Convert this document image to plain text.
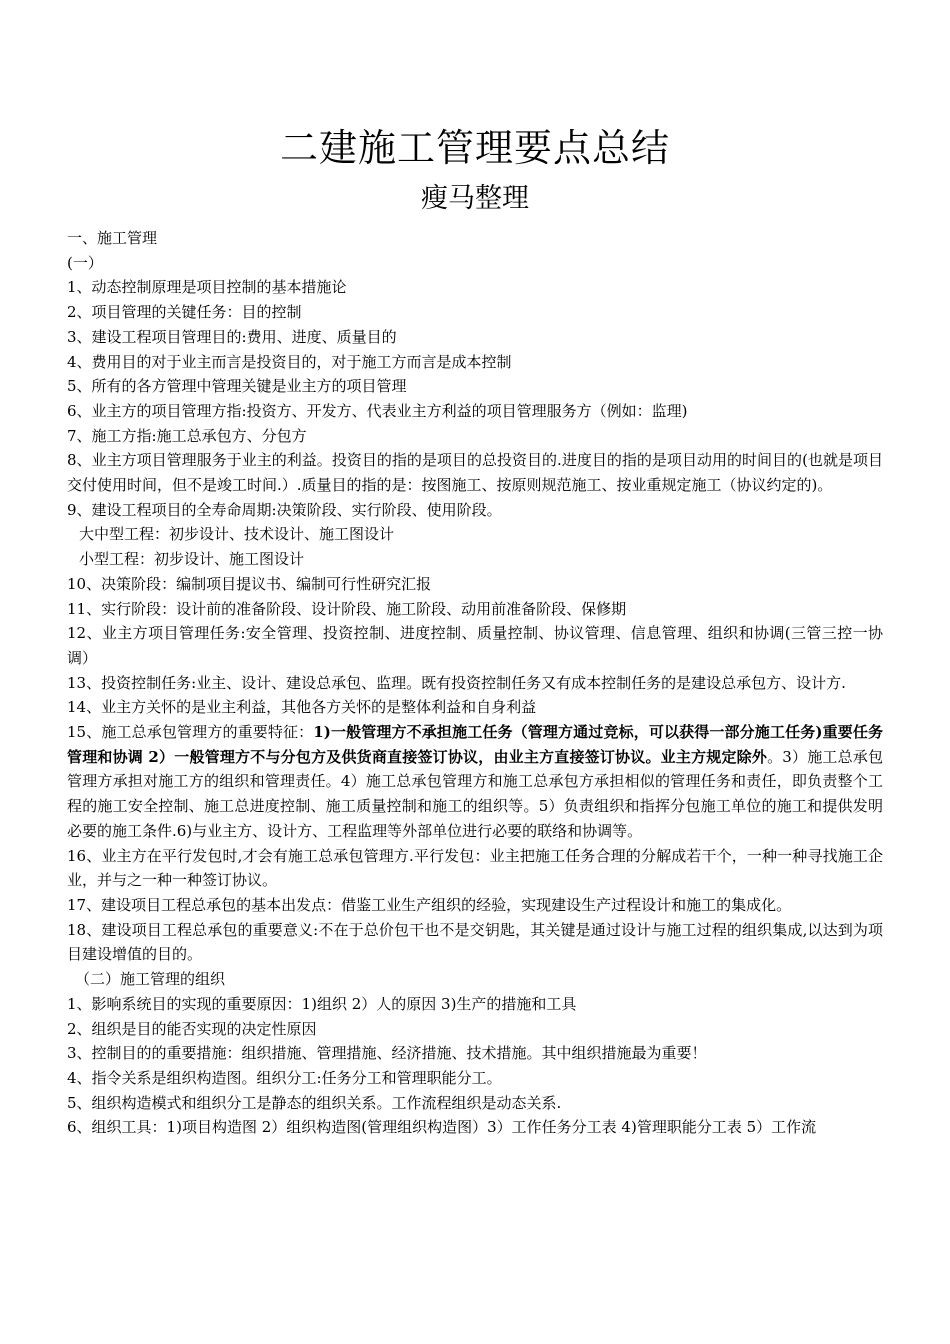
二建施工管理要点总结
瘦马整理

一、施工管理

(一）

1、动态控制原理是项目控制的基本措施论

2、项目管理的关键任务：目的控制

3、建设工程项目管理目的:费用、进度、质量目的

4、费用目的对于业主而言是投资目的，对于施工方而言是成本控制

5、所有的各方管理中管理关键是业主方的项目管理

6、业主方的项目管理方指:投资方、开发方、代表业主方利益的项目管理服务方（例如：监理)

7、施工方指:施工总承包方、分包方

8、业主方项目管理服务于业主的利益。投资目的指的是项目的总投资目的.进度目的指的是项目动用的时间目的(也就是项目交付使用时间，但不是竣工时间.）.质量目的指的是：按图施工、按原则规范施工、按业重规定施工（协议约定的)。

9、建设工程项目的全寿命周期:决策阶段、实行阶段、使用阶段。

大中型工程：初步设计、技术设计、施工图设计

小型工程：初步设计、施工图设计

10、决策阶段：编制项目提议书、编制可行性研究汇报

11、实行阶段：设计前的准备阶段、设计阶段、施工阶段、动用前准备阶段、保修期

12、业主方项目管理任务:安全管理、投资控制、进度控制、质量控制、协议管理、信息管理、组织和协调(三管三控一协调）

13、投资控制任务:业主、设计、建设总承包、监理。既有投资控制任务又有成本控制任务的是建设总承包方、设计方.

14、业主方关怀的是业主利益，其他各方关怀的是整体利益和自身利益

15、施工总承包管理方的重要特征：1)一般管理方不承担施工任务（管理方通过竞标，可以获得一部分施工任务)重要任务管理和协调 2）一般管理方不与分包方及供货商直接签订协议，由业主方直接签订协议。业主方规定除外。3）施工总承包管理方承担对施工方的组织和管理责任。4）施工总承包管理方和施工总承包方承担相似的管理任务和责任，即负责整个工程的施工安全控制、施工总进度控制、施工质量控制和施工的组织等。5）负责组织和指挥分包施工单位的施工和提供发明必要的施工条件.6)与业主方、设计方、工程监理等外部单位进行必要的联络和协调等。

16、业主方在平行发包时,才会有施工总承包管理方.平行发包：业主把施工任务合理的分解成若干个，一种一种寻找施工企业，并与之一种一种签订协议。

17、建设项目工程总承包的基本出发点：借鉴工业生产组织的经验，实现建设生产过程设计和施工的集成化。

18、建设项目工程总承包的重要意义:不在于总价包干也不是交钥匙，其关键是通过设计与施工过程的组织集成,以达到为项目建设增值的目的。

（二）施工管理的组织

1、影响系统目的实现的重要原因：1)组织 2）人的原因 3)生产的措施和工具

2、组织是目的能否实现的决定性原因

3、控制目的的重要措施：组织措施、管理措施、经济措施、技术措施。其中组织措施最为重要！

4、指令关系是组织构造图。组织分工:任务分工和管理职能分工。

5、组织构造模式和组织分工是静态的组织关系。工作流程组织是动态关系.

6、组织工具：1)项目构造图 2）组织构造图(管理组织构造图）3）工作任务分工表 4)管理职能分工表 5）工作流
